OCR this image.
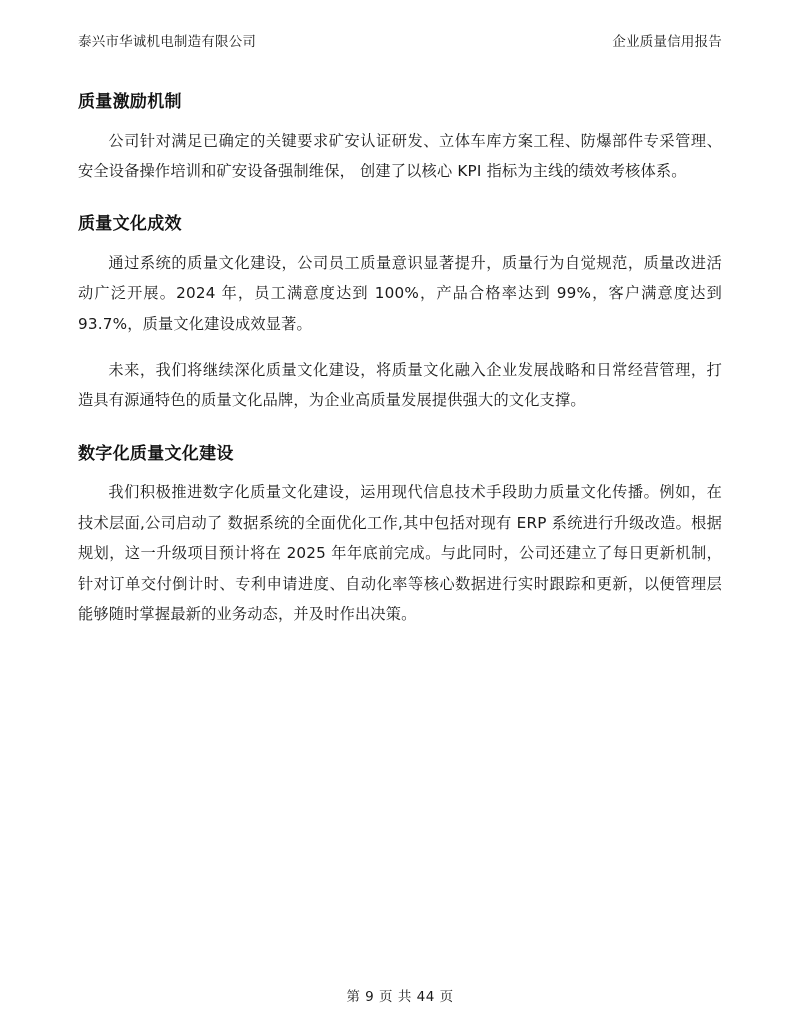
泰兴市华诚机电制造有限公司	企业质量信用报告
质量激励机制

公司针对满足已确定的关键要求矿安认证研发、立体车库方案工程、防爆部件专采管理、安全设备操作培训和矿安设备强制维保， 创建了以核心 KPI 指标为主线的绩效考核体系。

质量文化成效

通过系统的质量文化建设，公司员工质量意识显著提升，质量行为自觉规范，质量改进活动广泛开展。2024 年，员工满意度达到 100%，产品合格率达到 99%，客户满意度达到 93.7%，质量文化建设成效显著。

未来，我们将继续深化质量文化建设，将质量文化融入企业发展战略和日常经营管理，打造具有源通特色的质量文化品牌，为企业高质量发展提供强大的文化支撑。

数字化质量文化建设

我们积极推进数字化质量文化建设，运用现代信息技术手段助力质量文化传播。例如，在技术层面,公司启动了 数据系统的全面优化工作,其中包括对现有 ERP 系统进行升级改造。根据规划，这一升级项目预计将在 2025 年年底前完成。与此同时，公司还建立了每日更新机制，针对订单交付倒计时、专利申请进度、自动化率等核心数据进行实时跟踪和更新，以便管理层能够随时掌握最新的业务动态，并及时作出决策。

第 9 页 共 44 页
